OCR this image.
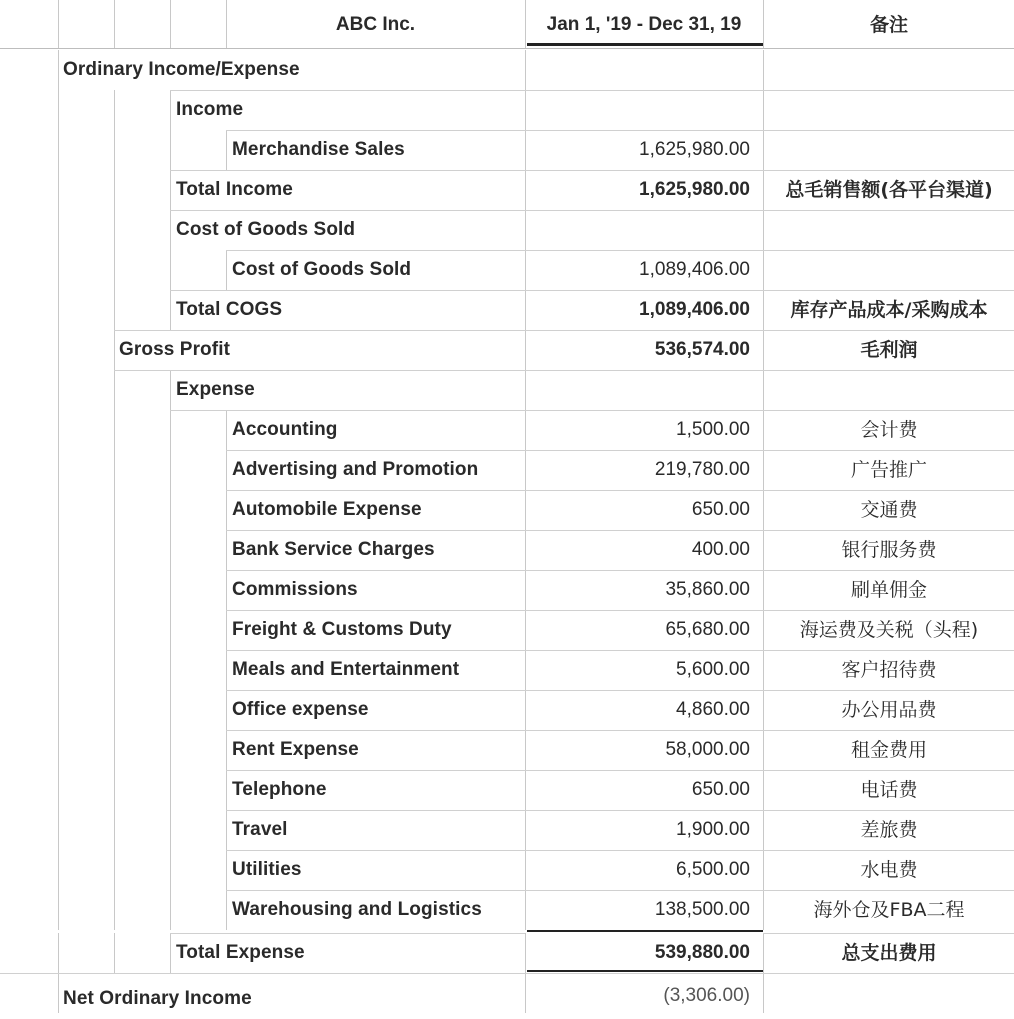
ABC Inc.	Jan 1, '19 - Dec 31, 19	备注
Ordinary Income/Expense
Income
Merchandise Sales	1,625,980.00
Total Income	1,625,980.00	总毛销售额(各平台渠道)
Cost of Goods Sold
Cost of Goods Sold	1,089,406.00
Total COGS	1,089,406.00	库存产品成本/采购成本
Gross Profit	536,574.00	毛利润
Expense
Accounting	1,500.00	会计费
Advertising and Promotion	219,780.00	广告推广
Automobile Expense	650.00	交通费
Bank Service Charges	400.00	银行服务费
Commissions	35,860.00	刷单佣金
Freight & Customs Duty	65,680.00	海运费及关税（头程)
Meals and Entertainment	5,600.00	客户招待费
Office expense	4,860.00	办公用品费
Rent Expense	58,000.00	租金费用
Telephone	650.00	电话费
Travel	1,900.00	差旅费
Utilities	6,500.00	水电费
Warehousing and Logistics	138,500.00	海外仓及FBA二程
Total Expense	539,880.00	总支出费用
Net Ordinary Income	(3,306.00)
